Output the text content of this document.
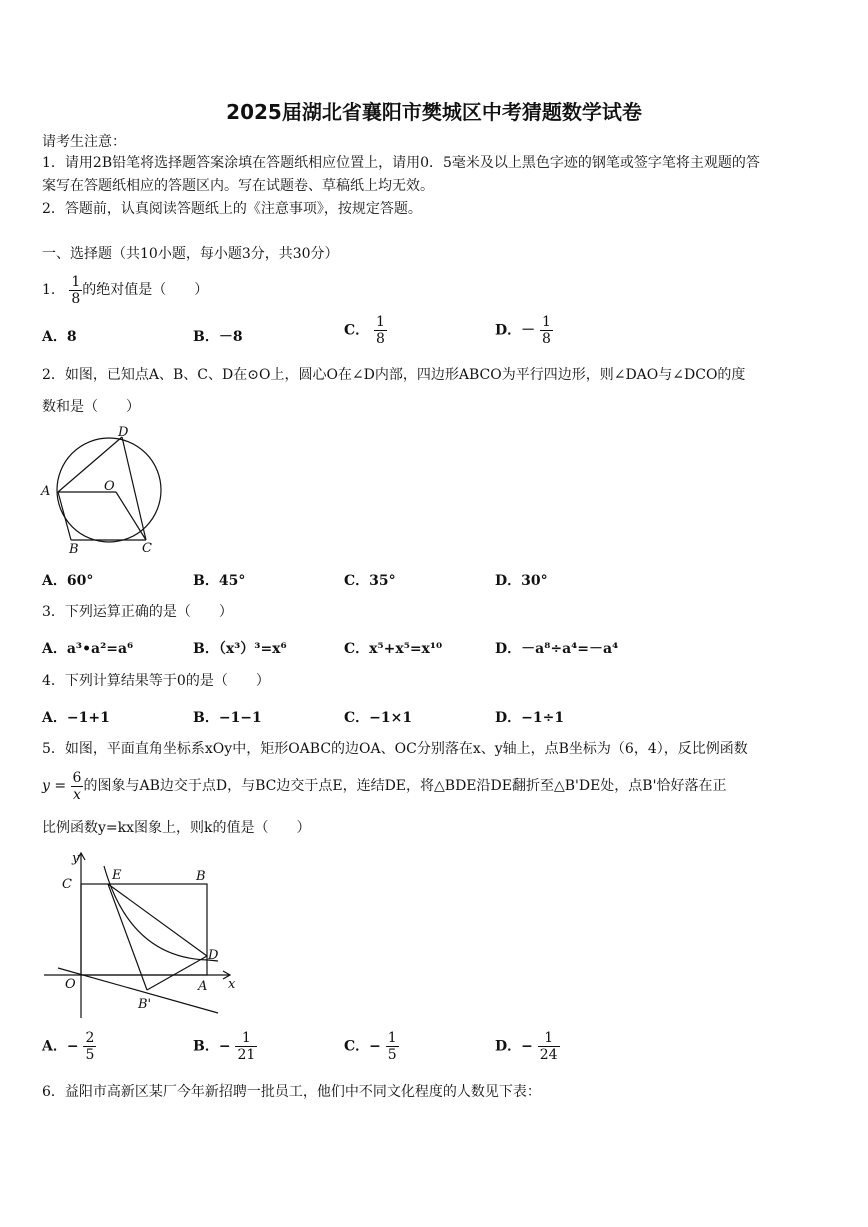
2025届湖北省襄阳市樊城区中考猜题数学试卷
请考生注意：
1．请用2B铅笔将选择题答案涂填在答题纸相应位置上，请用0．5毫米及以上黑色字迹的钢笔或签字笔将主观题的答
案写在答题纸相应的答题区内。写在试题卷、草稿纸上均无效。
2．答题前，认真阅读答题纸上的《注意事项》，按规定答题。
一、选择题（共10小题，每小题3分，共30分）
1． $\frac{1}{8}$ 的绝对值是（　　）
A．8	B．－8	C． $\frac{1}{8}$	D．－ $\frac{1}{8}$
2．如图，已知点A、B、C、D在⊙O上，圆心O在∠D内部，四边形ABCO为平行四边形，则∠DAO与∠DCO的度
数和是（　　）
D
A	O
B	C
A．60°	B．45°	C．35°	D．30°
3．下列运算正确的是（　　）
A．a³•a²=a⁶	B．（x³）³=x⁶	C．x⁵+x⁵=x¹⁰	D．－a⁸÷a⁴=－a⁴
4．下列计算结果等于0的是（　　）
A．−1+1	B．−1−1	C．−1×1	D．−1÷1
5．如图，平面直角坐标系xOy中，矩形OABC的边OA、OC分别落在x、y轴上，点B坐标为（6，4），反比例函数
$y = \frac{6}{x}$ 的图象与AB边交于点D，与BC边交于点E，连结DE，将△BDE沿DE翻折至△B'DE处，点B'恰好落在正
比例函数y=kx图象上，则k的值是（　　）
y
C
E	B
D
O	A x
B'
A．− $\frac{2}{5}$	B．− $\frac{1}{21}$	C．− $\frac{1}{5}$	D．− $\frac{1}{24}$
6．益阳市高新区某厂今年新招聘一批员工，他们中不同文化程度的人数见下表：
